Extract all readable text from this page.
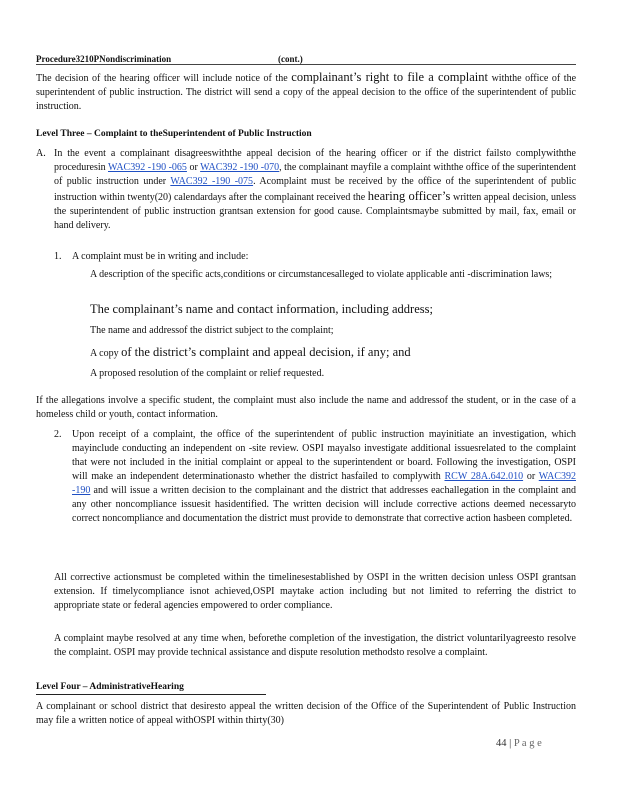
Procedure3210PNondiscrimination	(cont.)

The decision of the hearing officer will include notice of the complainant’s right to file a complaint withthe office of the superintendent of public instruction. The district will send a copy of the appeal decision to the office of the superintendent of public instruction.

Level Three – Complaint to theSuperintendent of Public Instruction
A. In the event a complainant disagreeswiththe appeal decision of the hearing officer or if the district failsto complywiththe proceduresin WAC392 -190 -065 or WAC392 -190 -070, the complainant mayfile a complaint withthe office of the superintendent of public instruction under WAC392 -190 -075. Acomplaint must be received by the office of the superintendent of public instruction within twenty(20) calendardays after the complainant received the hearing officer’s written appeal decision, unless the superintendent of public instruction grantsan extension for good cause. Complaintsmaybe submitted by mail, fax, email or hand delivery.

1. A complaint must be in writing and include:
A description of the specific acts,conditions or circumstancesalleged to violate applicable anti -discrimination laws;
The complainant’s name and contact information, including address;
The name and addressof the district subject to the complaint;
A copy of the district’s complaint and appeal decision, if any; and
A proposed resolution of the complaint or relief requested.

If the allegations involve a specific student, the complaint must also include the name and addressof the student, or in the case of a homeless child or youth, contact information.

2. Upon receipt of a complaint, the office of the superintendent of public instruction mayinitiate an investigation, which mayinclude conducting an independent on -site review. OSPI mayalso investigate additional issuesrelated to the complaint that were not included in the initial complaint or appeal to the superintendent or board. Following the investigation, OSPI will make an independent determinationasto whether the district hasfailed to complywith RCW 28A.642.010 or WAC392 -190 and will issue a written decision to the complainant and the district that addresses eachallegation in the complaint and any other noncompliance issuesit hasidentified. The written decision will include corrective actions deemed necessaryto correct noncompliance and documentation the district must provide to demonstrate that corrective action hasbeen completed.

All corrective actionsmust be completed within the timelinesestablished by OSPI in the written decision unless OSPI grantsan extension. If timelycompliance isnot achieved,OSPI maytake action including but not limited to referring the district to appropriate state or federal agencies empowered to order compliance.

A complaint maybe resolved at any time when, beforethe completion of the investigation, the district voluntarilyagreesto resolve the complaint. OSPI may provide technical assistance and dispute resolution methodsto resolve a complaint.

Level Four – AdministrativeHearing

A complainant or school district that desiresto appeal the written decision of the Office of the Superintendent of Public Instruction may file a written notice of appeal withOSPI within thirty(30)

44 | P a g e
